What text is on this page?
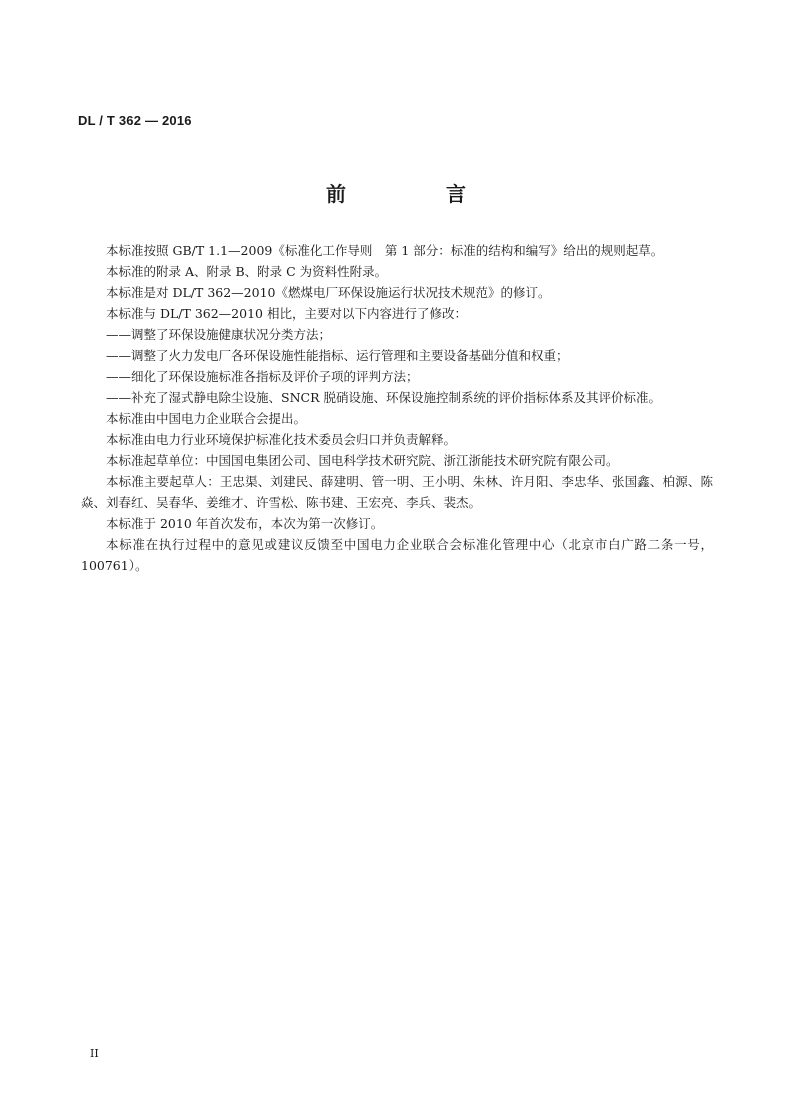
DL / T 362 — 2016
前　言

本标准按照 GB/T 1.1—2009《标准化工作导则　第 1 部分：标准的结构和编写》给出的规则起草。

本标准的附录 A、附录 B、附录 C 为资料性附录。

本标准是对 DL/T 362—2010《燃煤电厂环保设施运行状况技术规范》的修订。

本标准与 DL/T 362—2010 相比，主要对以下内容进行了修改：

——调整了环保设施健康状况分类方法；

——调整了火力发电厂各环保设施性能指标、运行管理和主要设备基础分值和权重；

——细化了环保设施标准各指标及评价子项的评判方法；

——补充了湿式静电除尘设施、SNCR 脱硝设施、环保设施控制系统的评价指标体系及其评价标准。

本标准由中国电力企业联合会提出。

本标准由电力行业环境保护标准化技术委员会归口并负责解释。

本标准起草单位：中国国电集团公司、国电科学技术研究院、浙江浙能技术研究院有限公司。

本标准主要起草人：王忠渠、刘建民、薛建明、管一明、王小明、朱林、许月阳、李忠华、张国鑫、柏源、陈焱、刘春红、吴春华、姜维才、许雪松、陈书建、王宏亮、李兵、裴杰。

本标准于 2010 年首次发布，本次为第一次修订。

本标准在执行过程中的意见或建议反馈至中国电力企业联合会标准化管理中心（北京市白广路二条一号，100761）。

II
